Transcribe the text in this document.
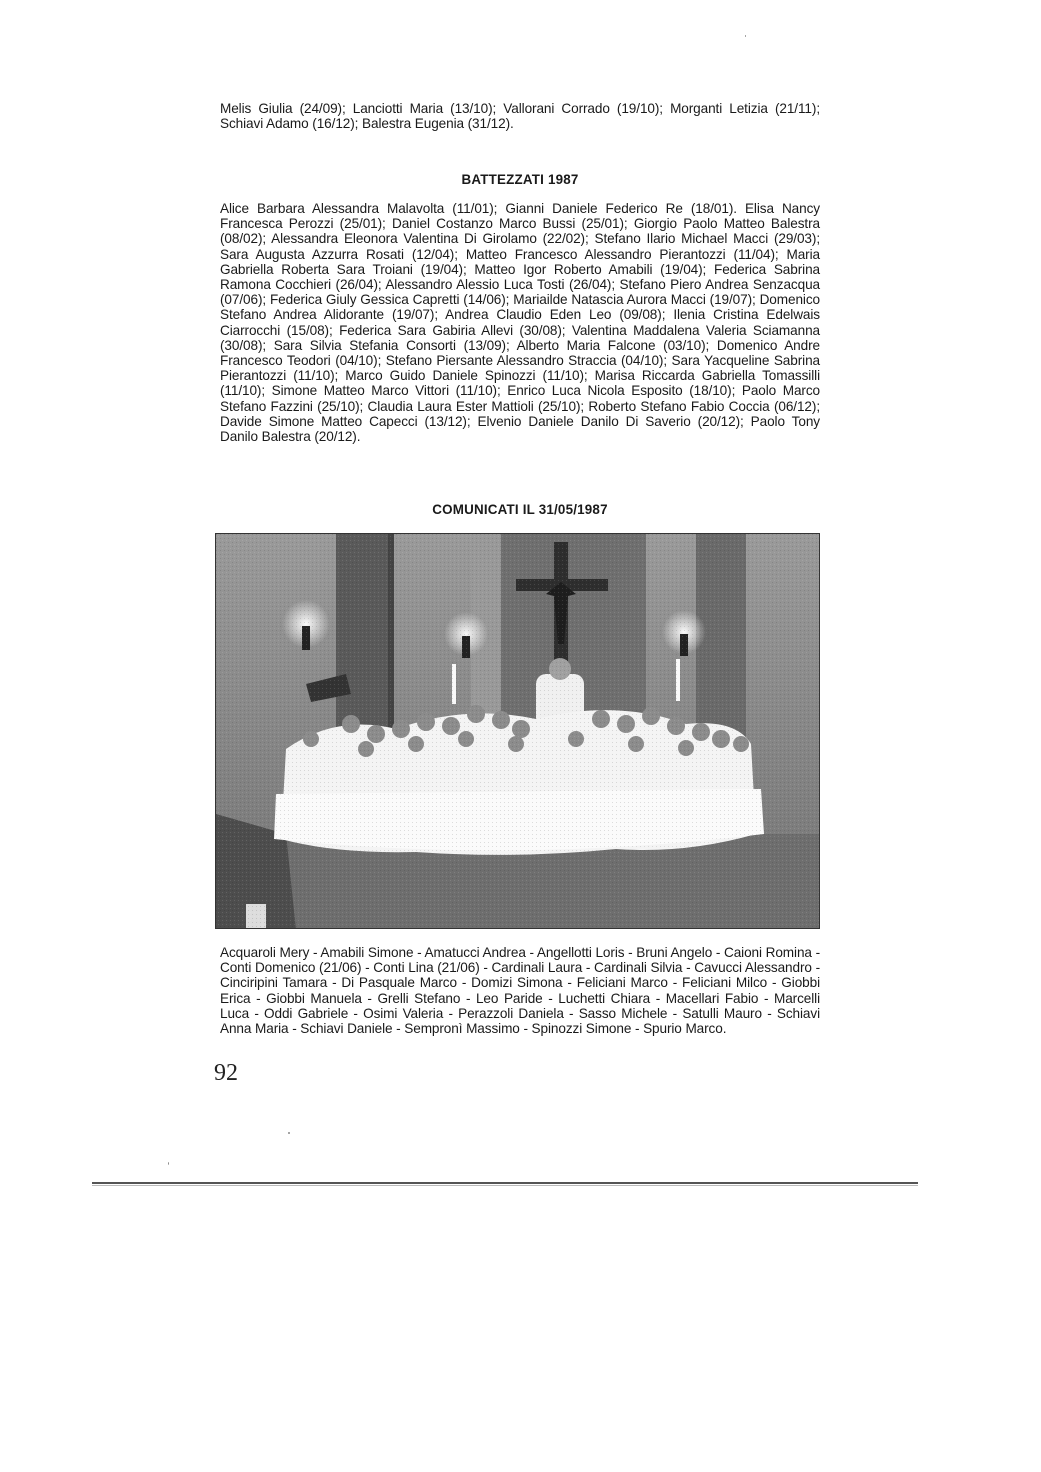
Melis Giulia (24/09); Lanciotti Maria (13/10); Vallorani Corrado (19/10); Morganti Letizia (21/11); Schiavi Adamo (16/12); Balestra Eugenia (31/12).

BATTEZZATI 1987

Alice Barbara Alessandra Malavolta (11/01); Gianni Daniele Federico Re (18/01). Elisa Nancy Francesca Perozzi (25/01); Daniel Costanzo Marco Bussi (25/01); Giorgio Paolo Matteo Balestra (08/02); Alessandra Eleonora Valentina Di Girolamo (22/02); Stefano Ilario Michael Macci (29/03); Sara Augusta Azzurra Rosati (12/04); Matteo Francesco Alessandro Pierantozzi (11/04); Maria Gabriella Roberta Sara Troiani (19/04); Matteo Igor Roberto Amabili (19/04); Federica Sabrina Ramona Cocchieri (26/04); Alessandro Alessio Luca Tosti (26/04); Stefano Piero Andrea Senzacqua (07/06); Federica Giuly Gessica Capretti (14/06); Mariailde Natascia Aurora Macci (19/07); Domenico Stefano Andrea Alidorante (19/07); Andrea Claudio Eden Leo (09/08); Ilenia Cristina Edelwais Ciarrocchi (15/08); Federica Sara Gabiria Allevi (30/08); Valentina Maddalena Valeria Sciamanna (30/08); Sara Silvia Stefania Consorti (13/09); Alberto Maria Falcone (03/10); Domenico Andre Francesco Teodori (04/10); Stefano Piersante Alessandro Straccia (04/10); Sara Yacqueline Sabrina Pierantozzi (11/10); Marco Guido Daniele Spinozzi (11/10); Marisa Riccarda Gabriella Tomassilli (11/10); Simone Matteo Marco Vittori (11/10); Enrico Luca Nicola Esposito (18/10); Paolo Marco Stefano Fazzini (25/10); Claudia Laura Ester Mattioli (25/10); Roberto Stefano Fabio Coccia (06/12); Davide Simone Matteo Capecci (13/12); Elvenio Daniele Danilo Di Saverio (20/12); Paolo Tony Danilo Balestra (20/12).

COMUNICATI IL 31/05/1987

Acquaroli Mery - Amabili Simone - Amatucci Andrea - Angellotti Loris - Bruni Angelo - Caioni Romina - Conti Domenico (21/06) - Conti Lina (21/06) - Cardinali Laura - Cardinali Silvia - Cavucci Alessandro - Cinciripini Tamara - Di Pasquale Marco - Domizi Simona - Feliciani Marco - Feliciani Milco - Giobbi Erica - Giobbi Manuela - Grelli Stefano - Leo Paride - Luchetti Chiara - Macellari Fabio - Marcelli Luca - Oddi Gabriele - Osimi Valeria - Perazzoli Daniela - Sasso Michele - Satulli Mauro - Schiavi Anna Maria - Schiavi Daniele - Sempronì Massimo - Spinozzi Simone - Spurio Marco.

92
